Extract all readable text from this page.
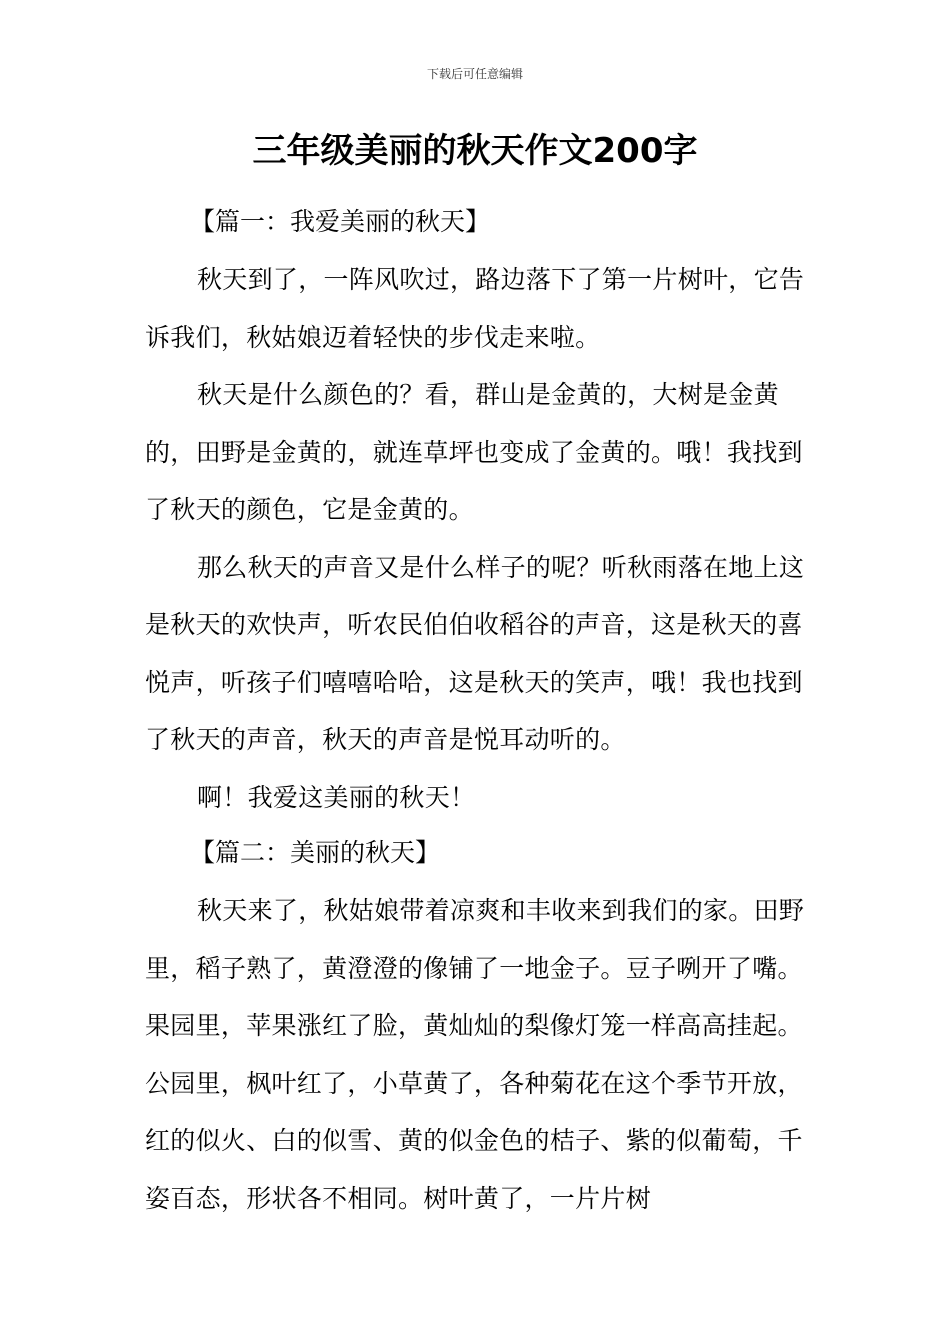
下载后可任意编辑
三年级美丽的秋天作文200字
【篇一：我爱美丽的秋天】

秋天到了，一阵风吹过，路边落下了第一片树叶，它告诉我们，秋姑娘迈着轻快的步伐走来啦。

秋天是什么颜色的？看，群山是金黄的，大树是金黄的，田野是金黄的，就连草坪也变成了金黄的。哦！我找到了秋天的颜色，它是金黄的。

那么秋天的声音又是什么样子的呢？听秋雨落在地上这是秋天的欢快声，听农民伯伯收稻谷的声音，这是秋天的喜悦声，听孩子们嘻嘻哈哈，这是秋天的笑声，哦！我也找到了秋天的声音，秋天的声音是悦耳动听的。

啊！我爱这美丽的秋天！

【篇二：美丽的秋天】

秋天来了，秋姑娘带着凉爽和丰收来到我们的家。田野里，稻子熟了，黄澄澄的像铺了一地金子。豆子咧开了嘴。果园里，苹果涨红了脸，黄灿灿的梨像灯笼一样高高挂起。公园里，枫叶红了，小草黄了，各种菊花在这个季节开放，红的似火、白的似雪、黄的似金色的桔子、紫的似葡萄，千姿百态，形状各不相同。树叶黄了，一片片树
